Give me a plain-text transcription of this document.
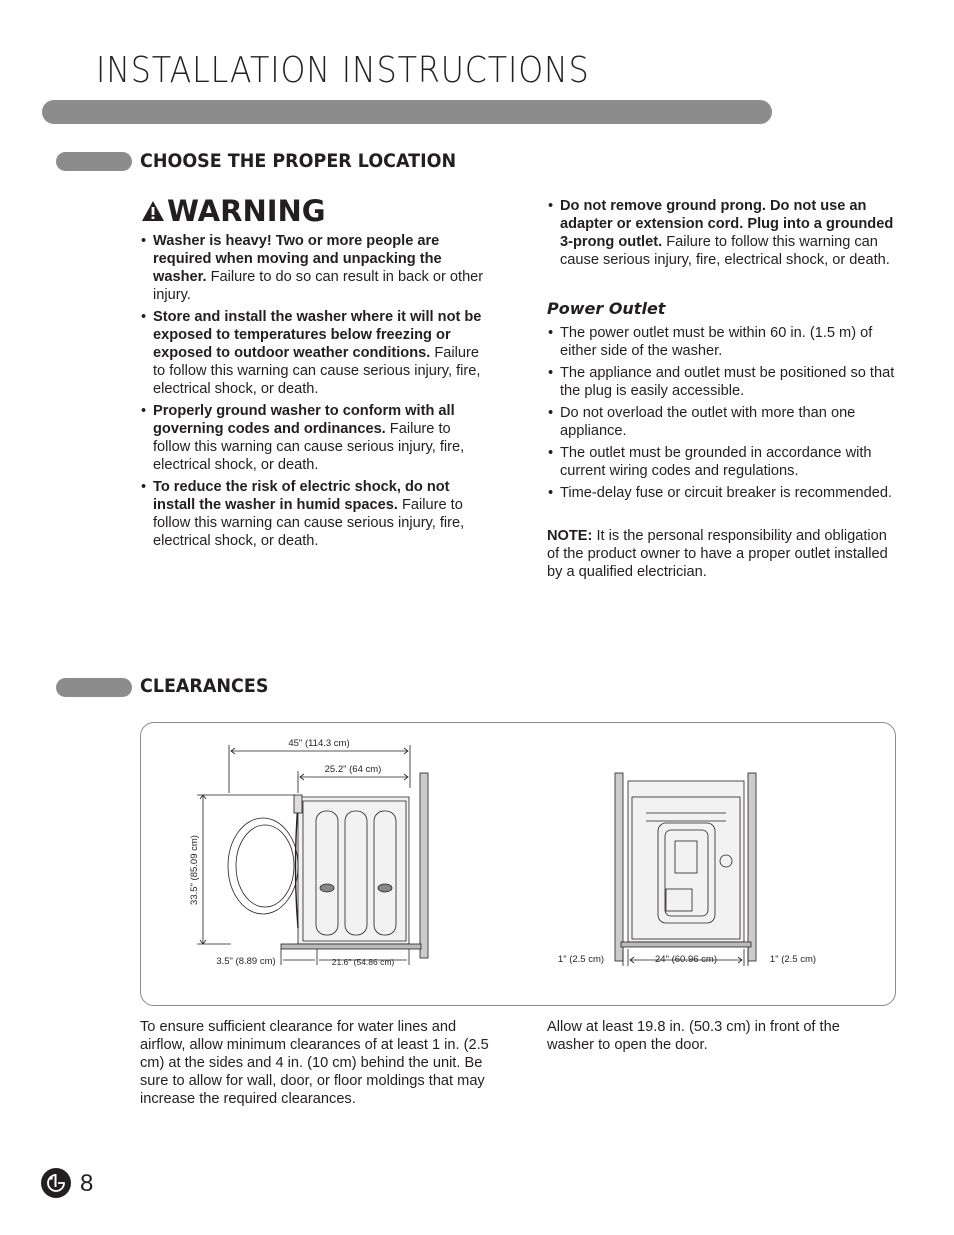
INSTALLATION INSTRUCTIONS
CHOOSE THE PROPER LOCATION
WARNING
• Washer is heavy! Two or more people are required when moving and unpacking the washer. Failure to do so can result in back or other injury.
• Store and install the washer where it will not be exposed to temperatures below freezing or exposed to outdoor weather conditions. Failure to follow this warning can cause serious injury, fire, electrical shock, or death.
• Properly ground washer to conform with all governing codes and ordinances. Failure to follow this warning can cause serious injury, fire, electrical shock, or death.
• To reduce the risk of electric shock, do not install the washer in humid spaces. Failure to follow this warning can cause serious injury, fire, electrical shock, or death.
• Do not remove ground prong. Do not use an adapter or extension cord. Plug into a grounded 3-prong outlet. Failure to follow this warning can cause serious injury, fire, electrical shock, or death.
Power Outlet
• The power outlet must be within 60 in. (1.5 m) of either side of the washer.
• The appliance and outlet must be positioned so that the plug is easily accessible.
• Do not overload the outlet with more than one appliance.
• The outlet must be grounded in accordance with current wiring codes and regulations.
• Time-delay fuse or circuit breaker is recommended.
NOTE: It is the personal responsibility and obligation of the product owner to have a proper outlet installed by a qualified electrician.
CLEARANCES
45" (114.3 cm)
25.2" (64 cm)
33.5" (85.09 cm)
3.5" (8.89 cm)	21.6" (54.86 cm)	1" (2.5 cm)	24" (60.96 cm)	1" (2.5 cm)
To ensure sufficient clearance for water lines and airflow, allow minimum clearances of at least 1 in. (2.5 cm) at the sides and 4 in. (10 cm) behind the unit. Be sure to allow for wall, door, or floor moldings that may increase the required clearances.
Allow at least 19.8 in. (50.3 cm) in front of the washer to open the door.
8
